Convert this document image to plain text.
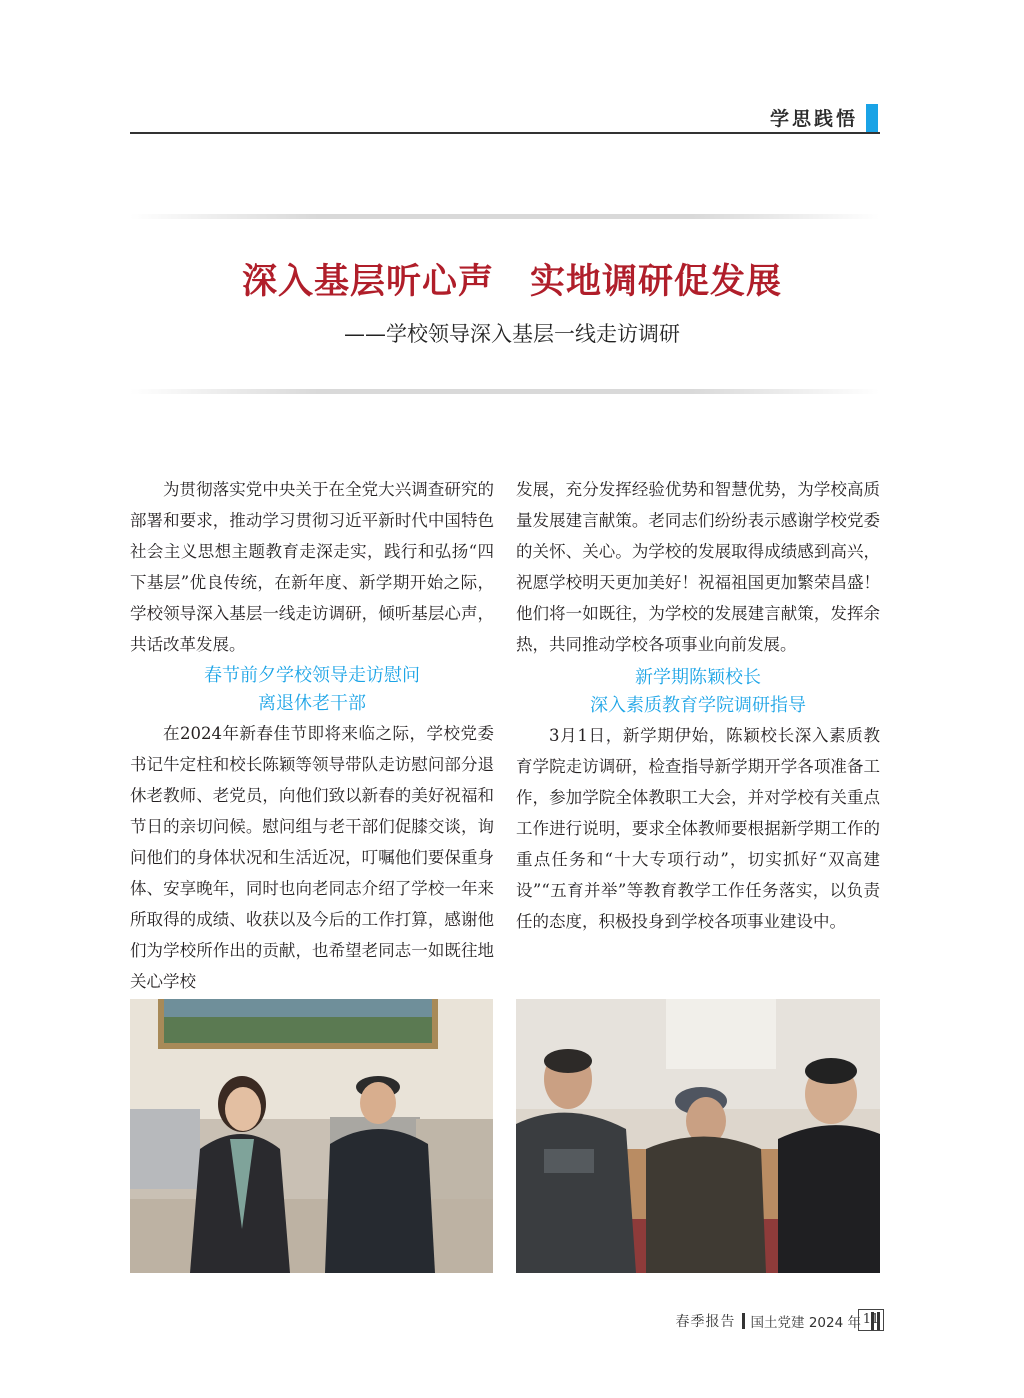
学思践悟
深入基层听心声　实地调研促发展
——学校领导深入基层一线走访调研

为贯彻落实党中央关于在全党大兴调查研究的部署和要求，推动学习贯彻习近平新时代中国特色社会主义思想主题教育走深走实，践行和弘扬“四下基层”优良传统，在新年度、新学期开始之际，学校领导深入基层一线走访调研，倾听基层心声，共话改革发展。

春节前夕学校领导走访慰问
离退休老干部

在2024年新春佳节即将来临之际，学校党委书记牛定柱和校长陈颖等领导带队走访慰问部分退休老教师、老党员，向他们致以新春的美好祝福和节日的亲切问候。慰问组与老干部们促膝交谈，询问他们的身体状况和生活近况，叮嘱他们要保重身体、安享晚年，同时也向老同志介绍了学校一年来所取得的成绩、收获以及今后的工作打算，感谢他们为学校所作出的贡献，也希望老同志一如既往地关心学校

发展，充分发挥经验优势和智慧优势，为学校高质量发展建言献策。老同志们纷纷表示感谢学校党委的关怀、关心。为学校的发展取得成绩感到高兴，祝愿学校明天更加美好！祝福祖国更加繁荣昌盛！他们将一如既往，为学校的发展建言献策，发挥余热，共同推动学校各项事业向前发展。

新学期陈颖校长
深入素质教育学院调研指导

3月1日，新学期伊始，陈颖校长深入素质教育学院走访调研，检查指导新学期开学各项准备工作，参加学院全体教职工大会，并对学校有关重点工作进行说明，要求全体教师要根据新学期工作的重点任务和“十大专项行动”，切实抓好“双高建设”“五育并举”等教育教学工作任务落实，以负责任的态度，积极投身到学校各项事业建设中。

春季报告 国土党建 2024 年 11
